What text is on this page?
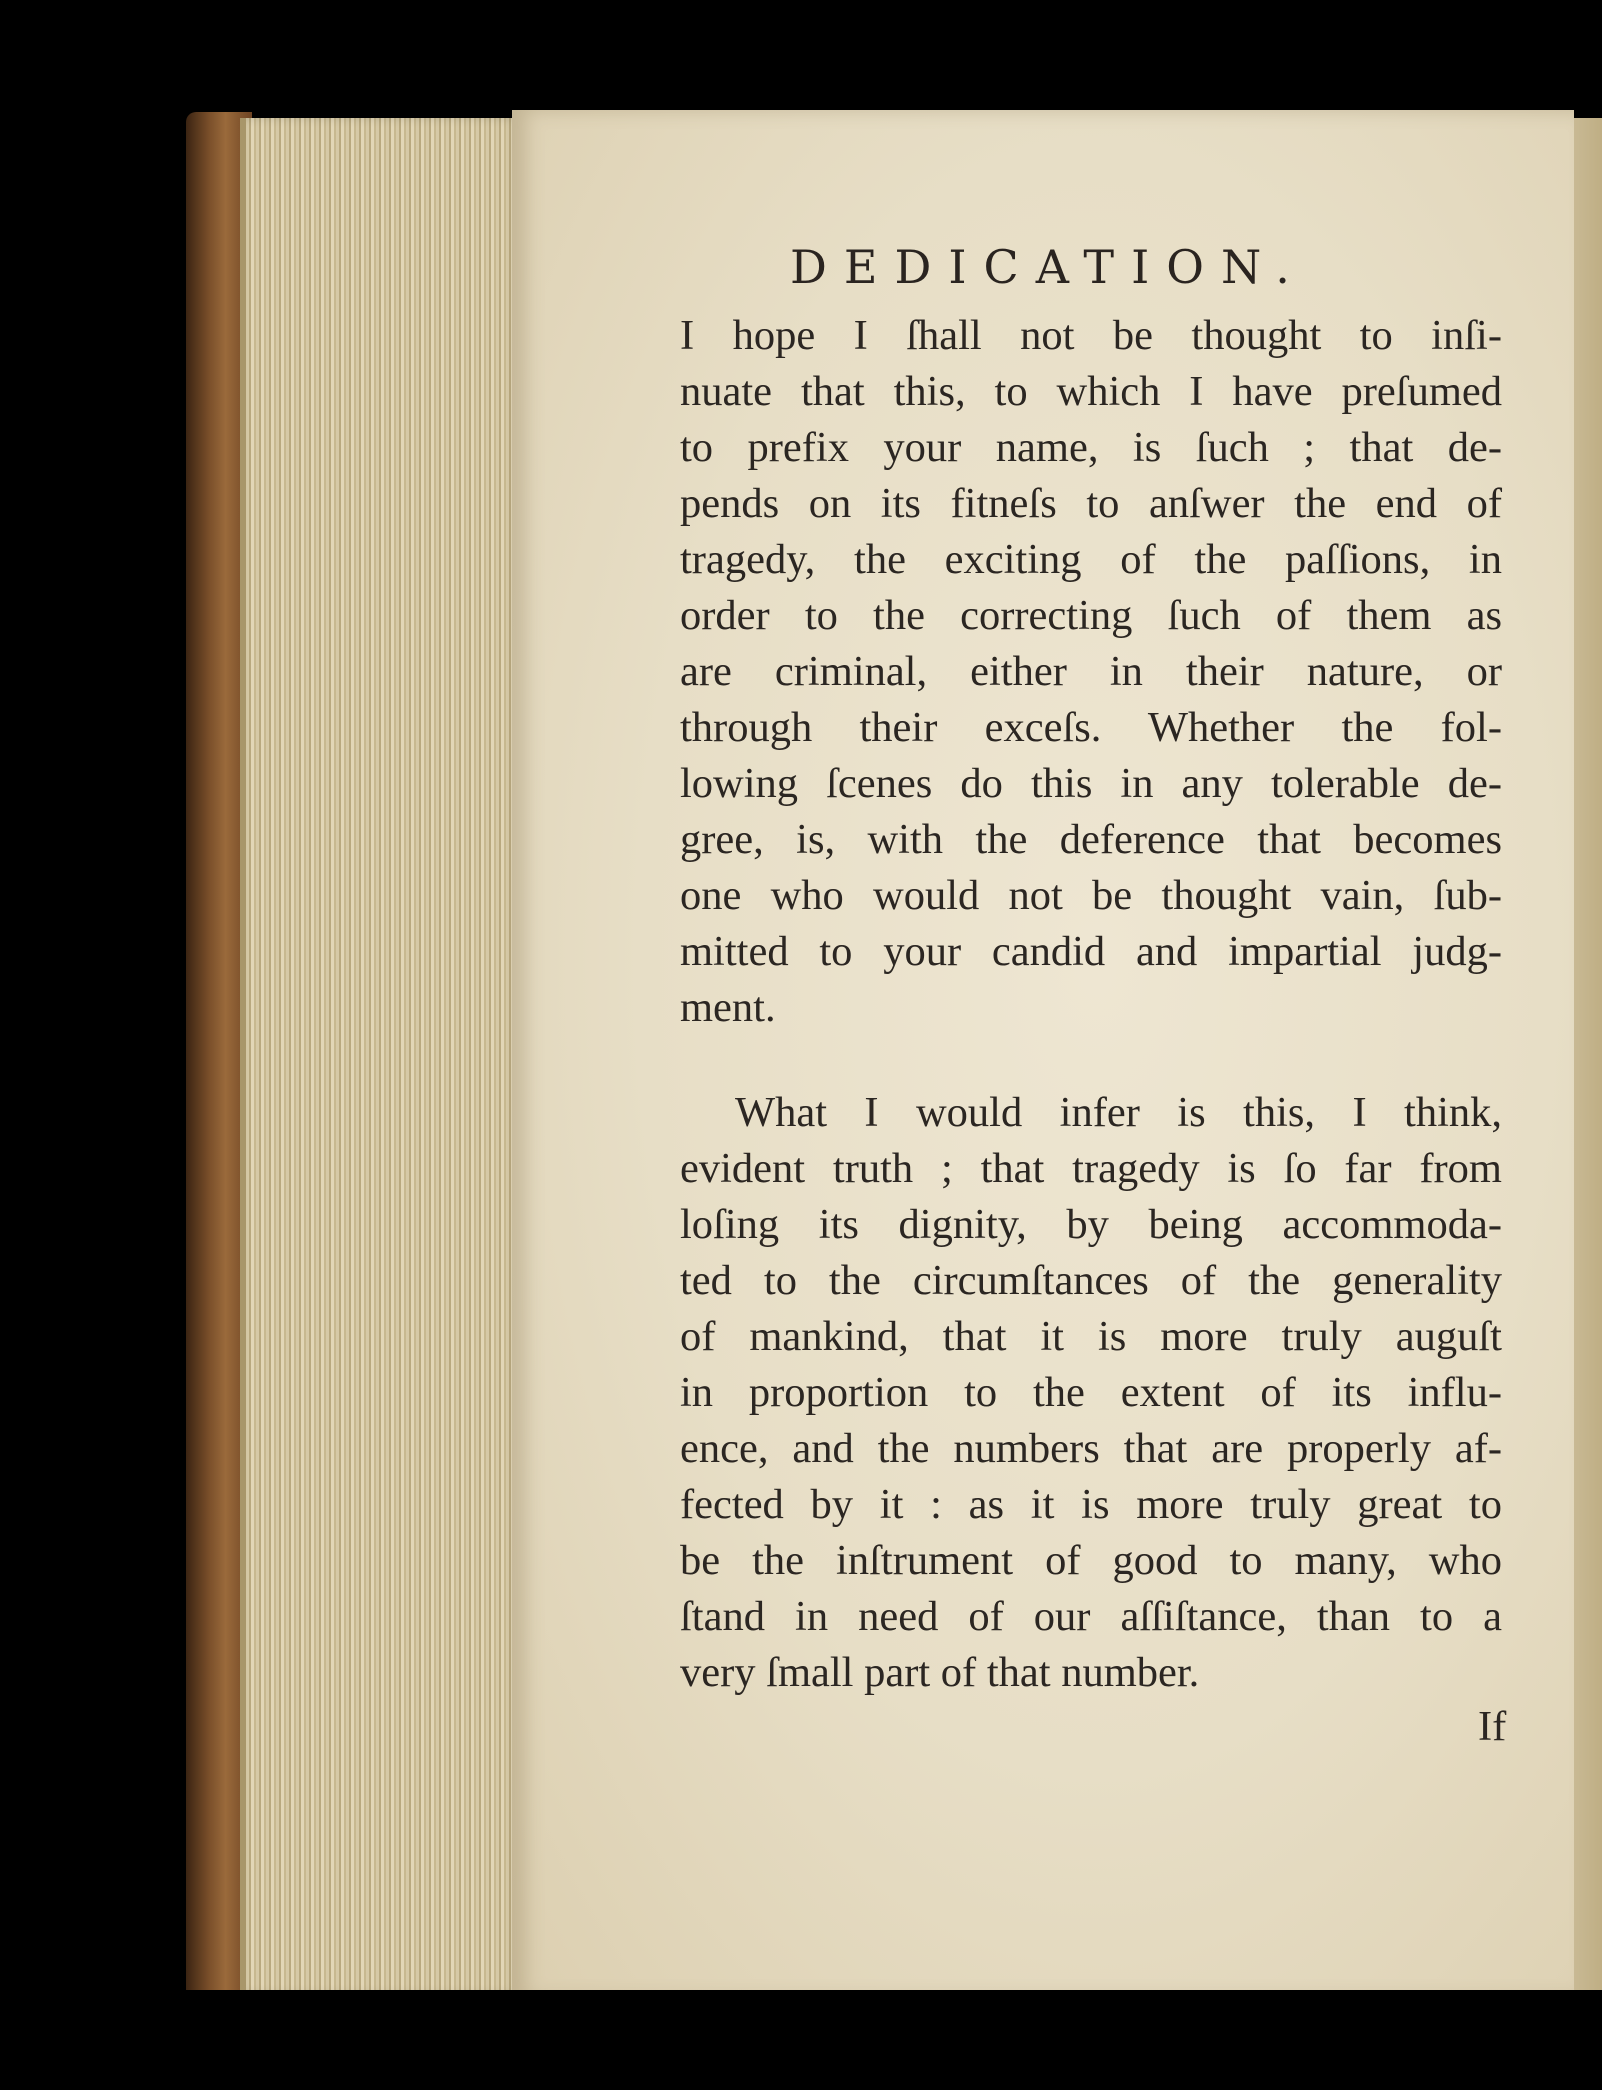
DEDICATION.

I hope I ſhall not be thought to inſi-
nuate that this, to which I have preſumed
to prefix your name, is ſuch ; that de-
pends on its fitneſs to anſwer the end of
tragedy, the exciting of the paſſions, in
order to the correcting ſuch of them as
are criminal, either in their nature, or
through their exceſs. Whether the fol-
lowing ſcenes do this in any tolerable de-
gree, is, with the deference that becomes
one who would not be thought vain, ſub-
mitted to your candid and impartial judg-
ment.

What I would infer is this, I think,
evident truth ; that tragedy is ſo far from
loſing its dignity, by being accommoda-
ted to the circumſtances of the generality
of mankind, that it is more truly auguſt
in proportion to the extent of its influ-
ence, and the numbers that are properly af-
fected by it : as it is more truly great to
be the inſtrument of good to many, who
ſtand in need of our aſſiſtance, than to a
very ſmall part of that number.

If
